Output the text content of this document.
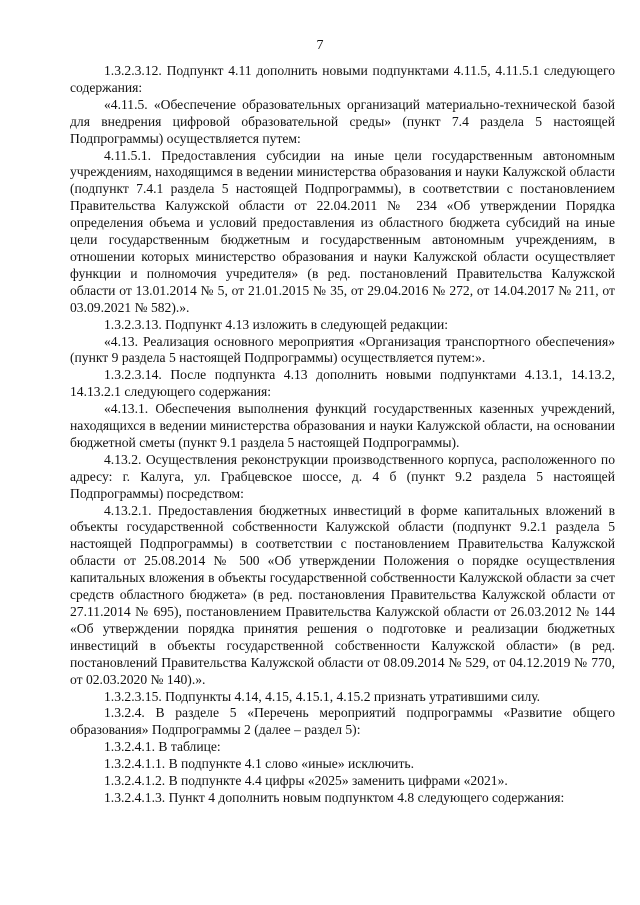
7

1.3.2.3.12. Подпункт 4.11 дополнить новыми подпунктами 4.11.5, 4.11.5.1 следующего содержания:

«4.11.5. «Обеспечение образовательных организаций материально-технической базой для внедрения цифровой образовательной среды» (пункт 7.4 раздела 5 настоящей Подпрограммы) осуществляется путем:

4.11.5.1. Предоставления субсидии на иные цели государственным автономным учреждениям, находящимся в ведении министерства образования и науки Калужской области (подпункт 7.4.1 раздела 5 настоящей Подпрограммы), в соответствии с постановлением Правительства Калужской области от 22.04.2011 № 234 «Об утверждении Порядка определения объема и условий предоставления из областного бюджета субсидий на иные цели государственным бюджетным и государственным автономным учреждениям, в отношении которых министерство образования и науки Калужской области осуществляет функции и полномочия учредителя» (в ред. постановлений Правительства Калужской области от 13.01.2014 № 5, от 21.01.2015 № 35, от 29.04.2016 № 272, от 14.04.2017 № 211, от 03.09.2021 № 582).».

1.3.2.3.13. Подпункт 4.13 изложить в следующей редакции:

«4.13. Реализация основного мероприятия «Организация транспортного обеспечения» (пункт 9 раздела 5 настоящей Подпрограммы) осуществляется путем:».

1.3.2.3.14. После подпункта 4.13 дополнить новыми подпунктами 4.13.1, 14.13.2, 14.13.2.1 следующего содержания:

«4.13.1. Обеспечения выполнения функций государственных казенных учреждений, находящихся в ведении министерства образования и науки Калужской области, на основании бюджетной сметы (пункт 9.1 раздела 5 настоящей Подпрограммы).

4.13.2. Осуществления реконструкции производственного корпуса, расположенного по адресу: г. Калуга, ул. Грабцевское шоссе, д. 4 б (пункт 9.2 раздела 5 настоящей Подпрограммы) посредством:

4.13.2.1. Предоставления бюджетных инвестиций в форме капитальных вложений в объекты государственной собственности Калужской области (подпункт 9.2.1 раздела 5 настоящей Подпрограммы) в соответствии с постановлением Правительства Калужской области от 25.08.2014 № 500 «Об утверждении Положения о порядке осуществления капитальных вложения в объекты государственной собственности Калужской области за счет средств областного бюджета» (в ред. постановления Правительства Калужской области от 27.11.2014 № 695), постановлением Правительства Калужской области от 26.03.2012 № 144 «Об утверждении порядка принятия решения о подготовке и реализации бюджетных инвестиций в объекты государственной собственности Калужской области» (в ред. постановлений Правительства Калужской области от 08.09.2014 № 529, от 04.12.2019 № 770, от 02.03.2020 № 140).».

1.3.2.3.15. Подпункты 4.14, 4.15, 4.15.1, 4.15.2 признать утратившими силу.

1.3.2.4. В разделе 5 «Перечень мероприятий подпрограммы «Развитие общего образования» Подпрограммы 2 (далее – раздел 5):

1.3.2.4.1. В таблице:

1.3.2.4.1.1. В подпункте 4.1 слово «иные» исключить.

1.3.2.4.1.2. В подпункте 4.4 цифры «2025» заменить цифрами «2021».

1.3.2.4.1.3. Пункт 4 дополнить новым подпунктом 4.8 следующего содержания:
